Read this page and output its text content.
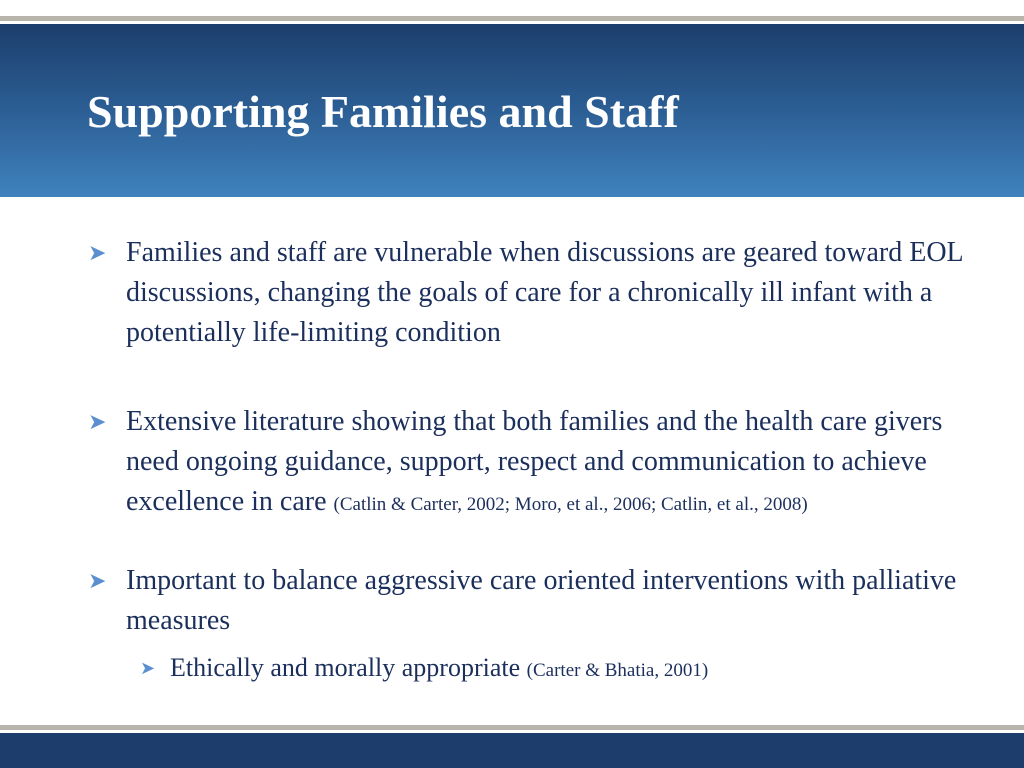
Supporting Families and Staff
➤ Families and staff are vulnerable when discussions are geared toward EOL discussions, changing the goals of care for a chronically ill infant with a potentially life-limiting condition
➤ Extensive literature showing that both families and the health care givers need ongoing guidance, support, respect and communication to achieve excellence in care (Catlin & Carter, 2002; Moro, et al., 2006; Catlin, et al., 2008)
➤ Important to balance aggressive care oriented interventions with palliative measures
➤ Ethically and morally appropriate (Carter & Bhatia, 2001)
